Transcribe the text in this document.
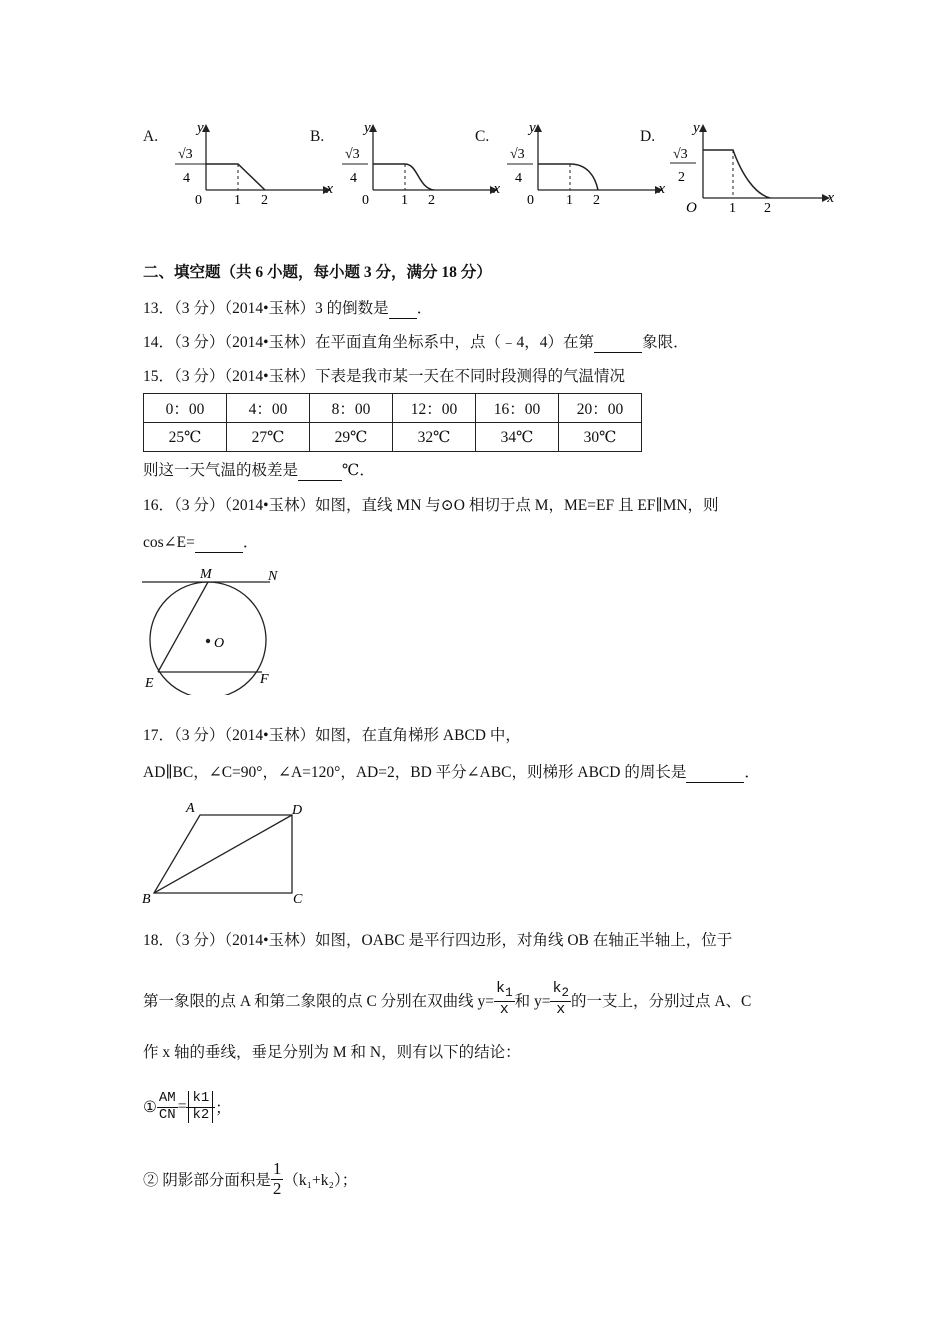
A.	y
x
√3
4
0 1 2
B.	y
x
√3
4
0 1 2
C.	y
x
√3
4
0 1 2
D.	y
x
√3
2
O 1 2
二、填空题（共 6 小题，每小题 3 分，满分 18 分）
13．（3 分）（2014•玉林）3 的倒数是 ．
14．（3 分）（2014•玉林）在平面直角坐标系中，点（﹣4，4）在第	象限．
15．（3 分）（2014•玉林）下表是我市某一天在不同时段测得的气温情况
0：00	4：00	8：00	12：00	16：00	20：00
25℃	27℃	29℃	32℃	34℃	30℃
则这一天气温的极差是	℃．
16．（3 分）（2014•玉林）如图，直线 MN 与⊙O 相切于点 M，ME=EF 且 EF∥MN，则
cos∠E=	．
M	N
O
E	F
17．（3 分）（2014•玉林）如图，在直角梯形 ABCD 中，
AD∥BC，∠C=90°，∠A=120°，AD=2，BD 平分∠ABC，则梯形 ABCD 的周长是	．
A	D
B	C
18．（3 分）（2014•玉林）如图，OABC 是平行四边形，对角线 OB 在轴正半轴上，位于
第一象限的点 A 和第二象限的点 C 分别在双曲线 $y= \frac{k_1}{x}$ 和 $y= \frac{k_2}{x}$ 的一支上，分别过点 A、C
作 x 轴的垂线，垂足分别为 M 和 N，则有以下的结论：
① $\frac{AM}{CN} = \frac{k1}{k2}$ ；
② 阴影部分面积是 $\frac{1}{2} (k_1+k_2)$；
